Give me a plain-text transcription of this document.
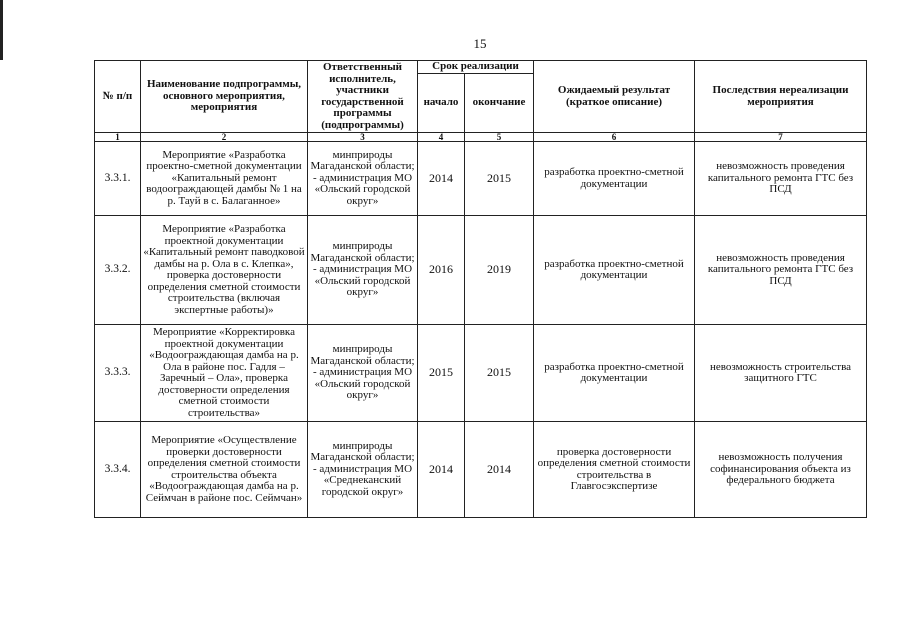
15
№ п/п	Наименование подпрограммы, основного мероприятия, мероприятия	Ответственный исполнитель, участники государственной программы (подпрограммы)	Срок реализации		Ожидаемый результат (краткое описание)	Последствия нереализации мероприятия
			начало	окончание		
1	2	3	4	5	6	7
3.3.1.	Мероприятие «Разработка проектно-сметной документации «Капитальный ремонт водоограждающей дамбы № 1 на р. Тауй в с. Балаганное»	минприроды Магаданской области; - администрация МО «Ольский городской округ»	2014	2015	разработка проектно-сметной документации	невозможность проведения капитального ремонта ГТС без ПСД
3.3.2.	Мероприятие «Разработка проектной документации «Капитальный ремонт паводковой дамбы на р. Ола в с. Клепка», проверка достоверности определения сметной стоимости строительства (включая экспертные работы)»	минприроды Магаданской области; - администрация МО «Ольский городской округ»	2016	2019	разработка проектно-сметной документации	невозможность проведения капитального ремонта ГТС без ПСД
3.3.3.	Мероприятие «Корректировка проектной документации «Водоограждающая дамба на р. Ола в районе пос. Гадля – Заречный – Ола», проверка достоверности определения сметной стоимости строительства»	минприроды Магаданской области; - администрация МО «Ольский городской округ»	2015	2015	разработка проектно-сметной документации	невозможность строительства защитного ГТС
3.3.4.	Мероприятие «Осуществление проверки достоверности определения сметной стоимости строительства объекта «Водоограждающая дамба на р. Сеймчан в районе пос. Сеймчан»	минприроды Магаданской области; - администрация МО «Среднеканский городской округ»	2014	2014	проверка достоверности определения сметной стоимости строительства в Главгосэкспертизе	невозможность получения софинансирования объекта из федерального бюджета
